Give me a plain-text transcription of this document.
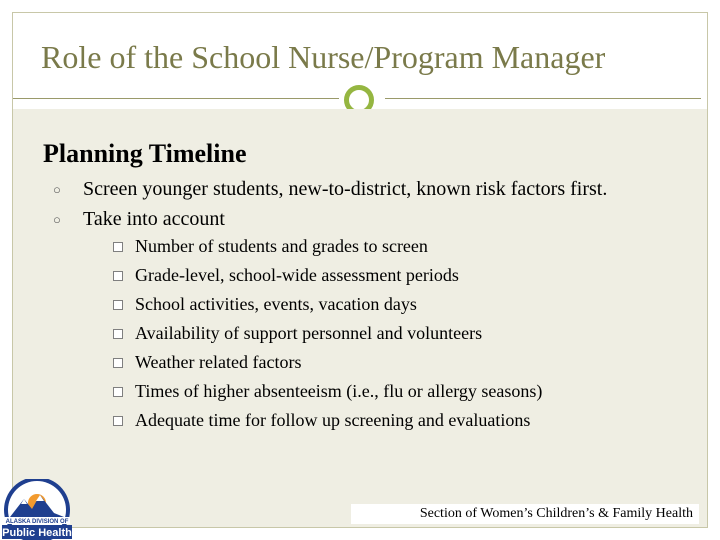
Role of the School Nurse/Program Manager
Planning Timeline
○ Screen younger students, new-to-district, known risk factors first.
○ Take into account
Number of students and grades to screen
Grade-level, school-wide assessment periods
School activities, events, vacation days
Availability of support personnel and volunteers
Weather related factors
Times of higher absenteeism (i.e., flu or allergy seasons)
Adequate time for follow up screening and evaluations
Section of Women’s Children’s & Family Health
ALASKA DIVISION OF
Public Health
